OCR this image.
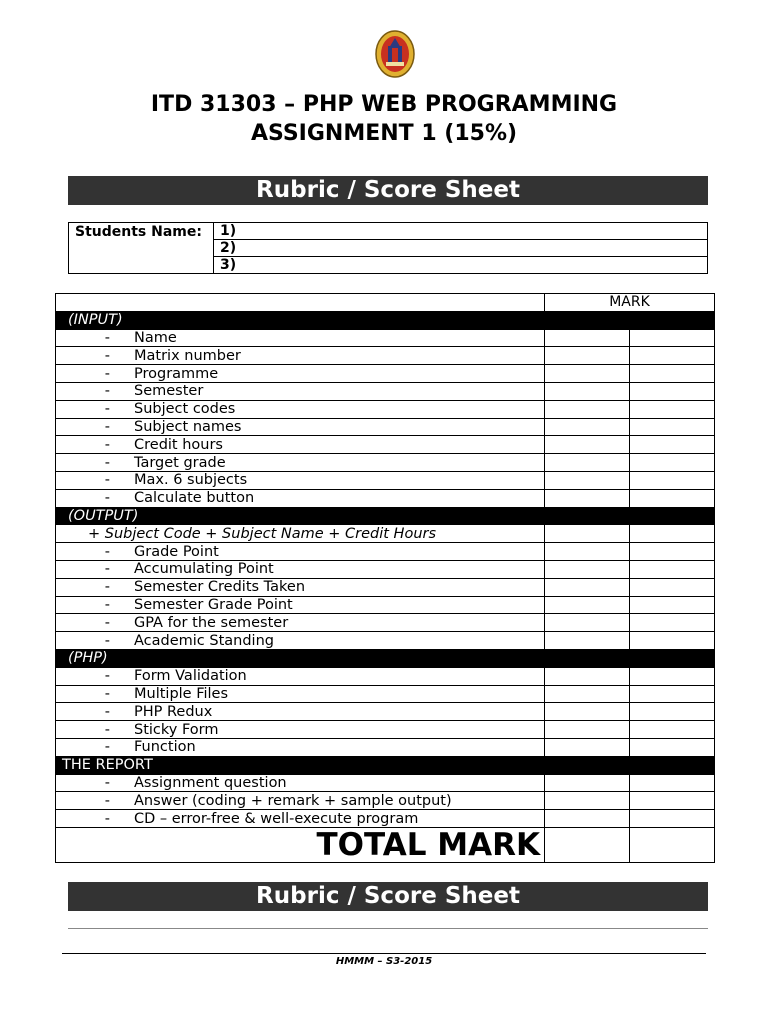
ITD 31303 – PHP WEB PROGRAMMING
ASSIGNMENT 1 (15%)
Rubric / Score Sheet
Students Name:	1)
2)
3)
	MARK	
(INPUT)		
- Name		
- Matrix number		
- Programme		
- Semester		
- Subject codes		
- Subject names		
- Credit hours		
- Target grade		
- Max. 6 subjects		
- Calculate button		
(OUTPUT)		
+ Subject Code + Subject Name + Credit Hours		
- Grade Point		
- Accumulating Point		
- Semester Credits Taken		
- Semester Grade Point		
- GPA for the semester		
- Academic Standing		
(PHP)		
- Form Validation		
- Multiple Files		
- PHP Redux		
- Sticky Form		
- Function		
THE REPORT		
- Assignment question		
- Answer (coding + remark + sample output)		
- CD – error-free & well-execute program		
TOTAL MARK		
Rubric / Score Sheet
HMMM – S3-2015
